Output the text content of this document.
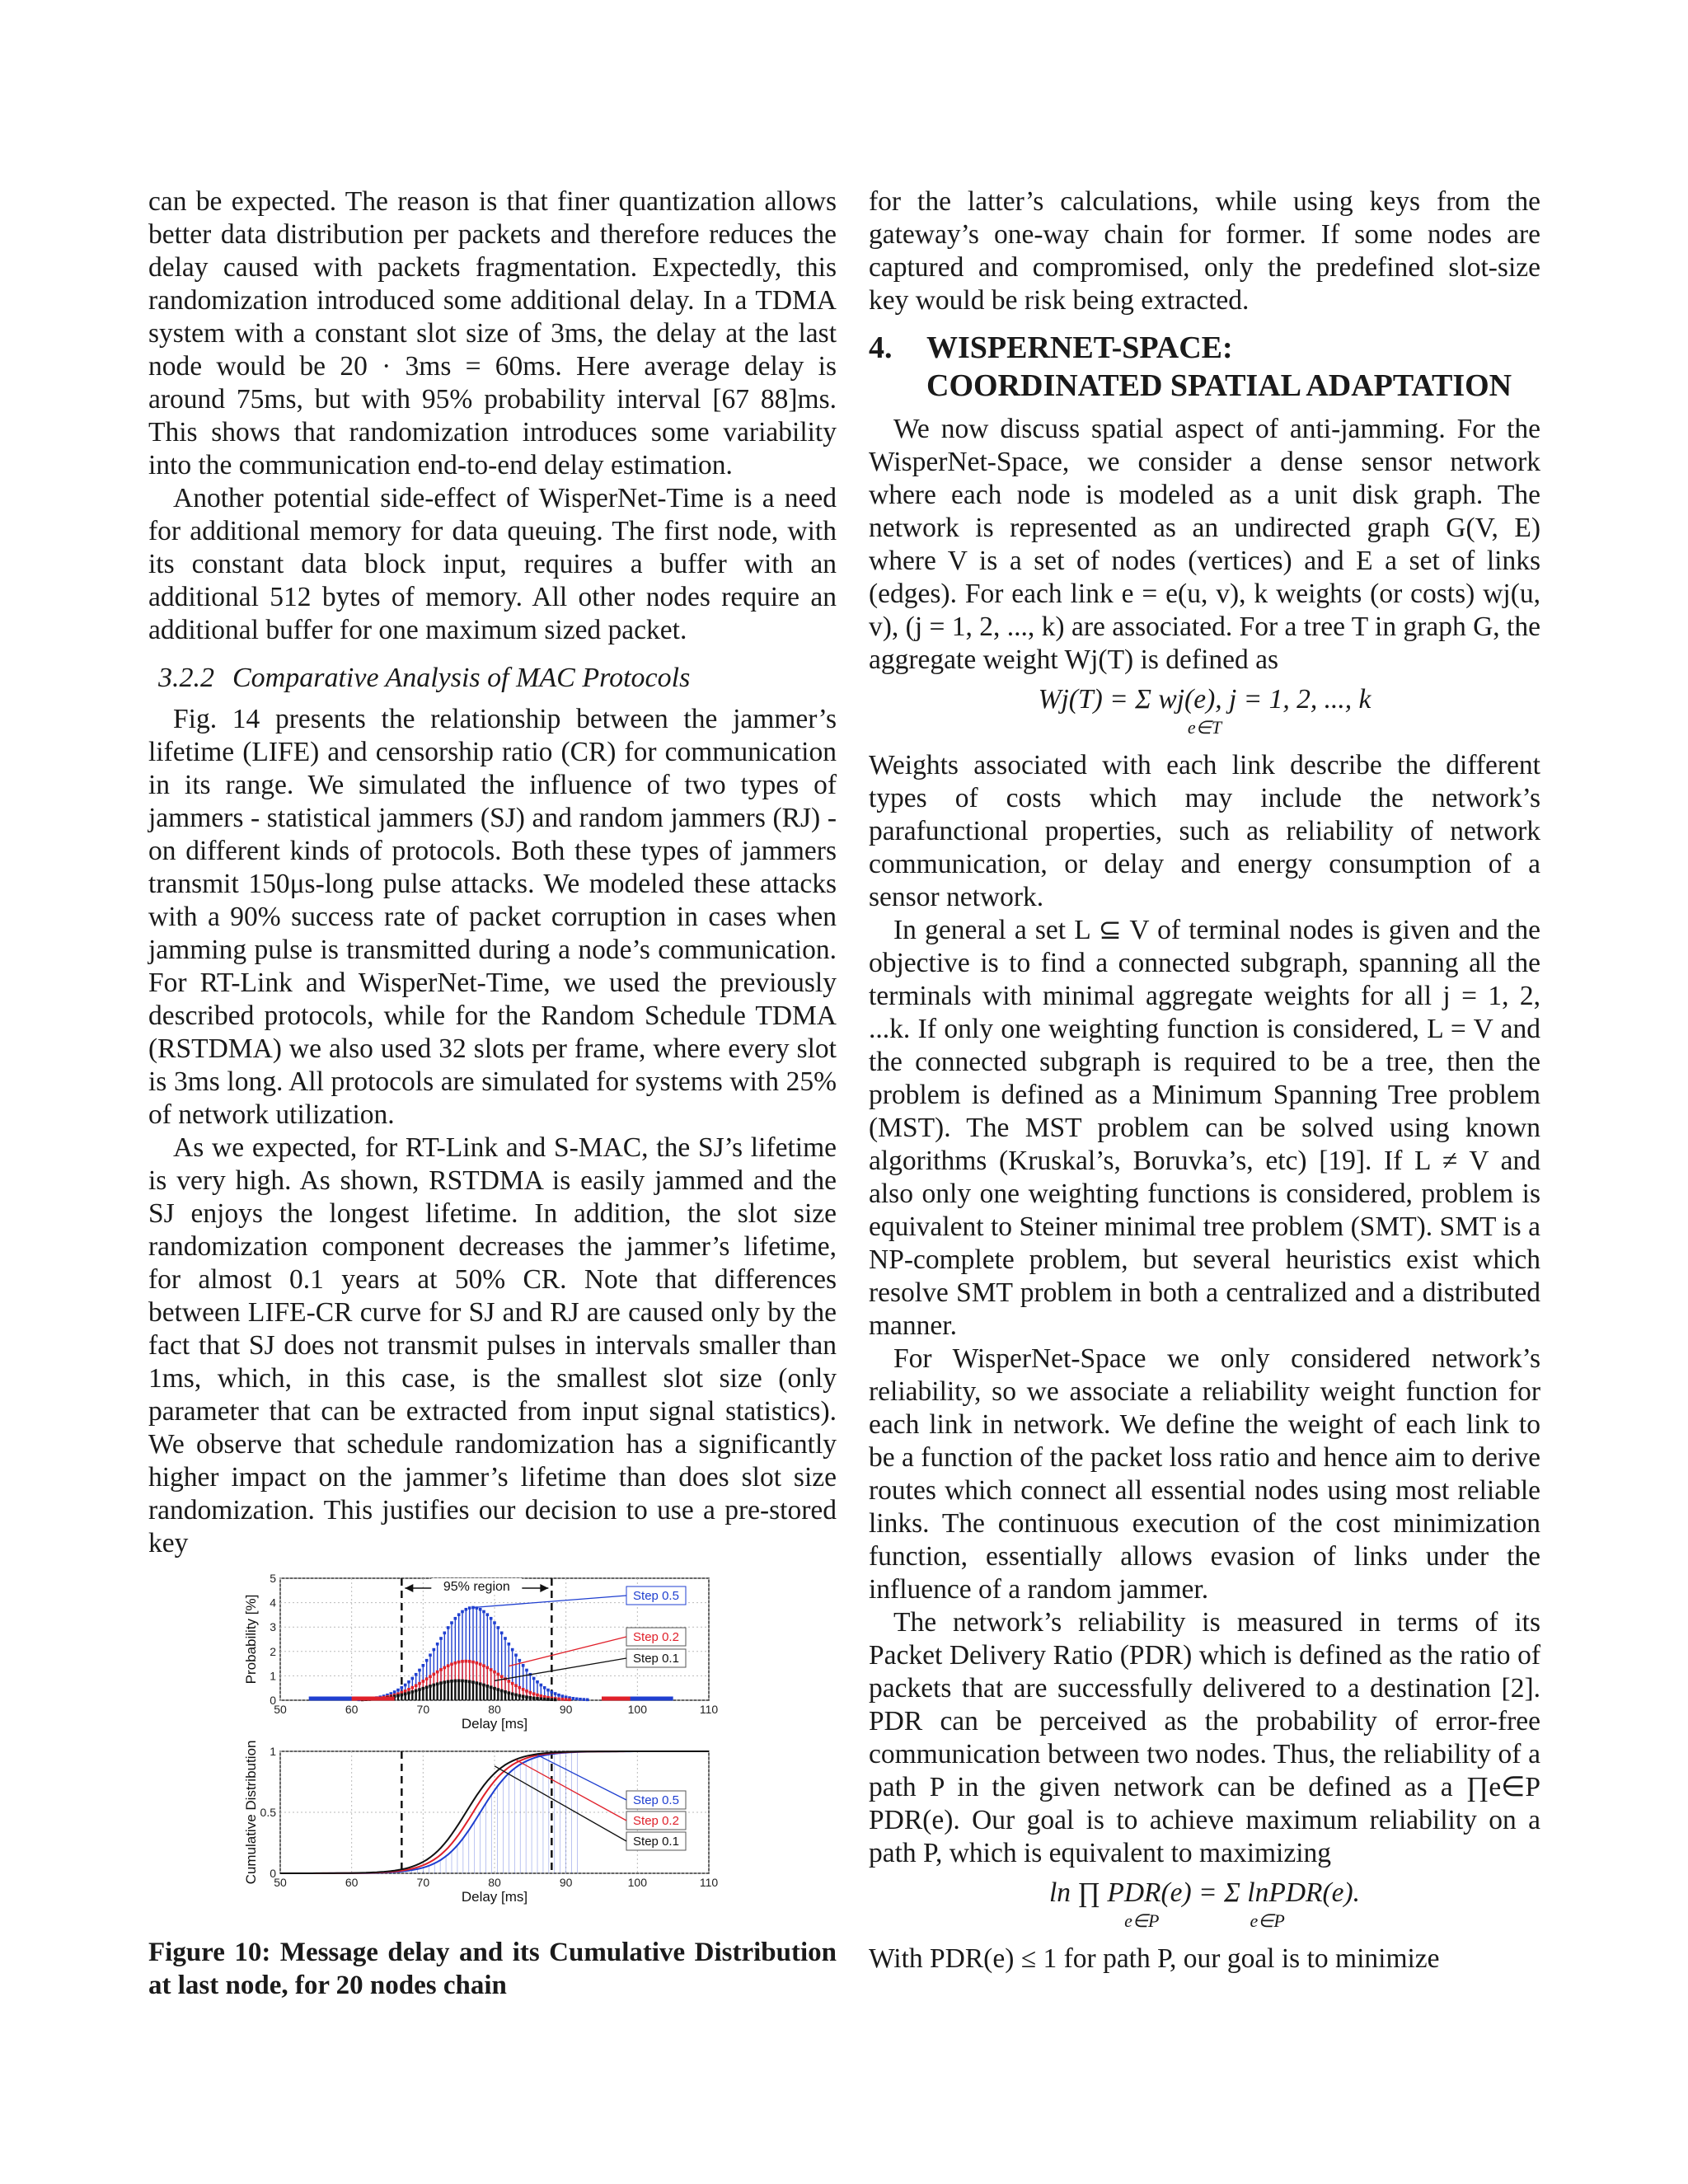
can be expected. The reason is that finer quantization allows better data distribution per packets and therefore reduces the delay caused with packets fragmentation. Expectedly, this randomization introduced some additional delay. In a TDMA system with a constant slot size of 3ms, the delay at the last node would be 20 · 3ms = 60ms. Here average delay is around 75ms, but with 95% probability interval [67 88]ms. This shows that randomization introduces some variability into the communication end-to-end delay estimation.

Another potential side-effect of WisperNet-Time is a need for additional memory for data queuing. The first node, with its constant data block input, requires a buffer with an additional 512 bytes of memory. All other nodes require an additional buffer for one maximum sized packet.

3.2.2 Comparative Analysis of MAC Protocols

Fig. 14 presents the relationship between the jammer’s lifetime (LIFE) and censorship ratio (CR) for communication in its range. We simulated the influence of two types of jammers - statistical jammers (SJ) and random jammers (RJ) - on different kinds of protocols. Both these types of jammers transmit 150μs-long pulse attacks. We modeled these attacks with a 90% success rate of packet corruption in cases when jamming pulse is transmitted during a node’s communication. For RT-Link and WisperNet-Time, we used the previously described protocols, while for the Random Schedule TDMA (RSTDMA) we also used 32 slots per frame, where every slot is 3ms long. All protocols are simulated for systems with 25% of network utilization.

As we expected, for RT-Link and S-MAC, the SJ’s lifetime is very high. As shown, RSTDMA is easily jammed and the SJ enjoys the longest lifetime. In addition, the slot size randomization component decreases the jammer’s lifetime, for almost 0.1 years at 50% CR. Note that differences between LIFE-CR curve for SJ and RJ are caused only by the fact that SJ does not transmit pulses in intervals smaller than 1ms, which, in this case, is the smallest slot size (only parameter that can be extracted from input signal statistics). We observe that schedule randomization has a significantly higher impact on the jammer’s lifetime than does slot size randomization. This justifies our decision to use a pre-stored key

50	60	70	80	90	100	110
0
1
2
3
4
5
Delay [ms]
Probability [%]
95% region
Step 0.5
Step 0.2
Step 0.1
50	60	70	80	90	100	110
0
0.5
1
Delay [ms]
Cumulative Distribution	Step 0.5
Step 0.2
Step 0.1
Figure 10: Message delay and its Cumulative Distribution at last node, for 20 nodes chain

for the latter’s calculations, while using keys from the gateway’s one-way chain for former. If some nodes are captured and compromised, only the predefined slot-size key would be risk being extracted.

4.	WISPERNET-SPACE:
COORDINATED SPATIAL ADAPTATION

We now discuss spatial aspect of anti-jamming. For the WisperNet-Space, we consider a dense sensor network where each node is modeled as a unit disk graph. The network is represented as an undirected graph G(V, E) where V is a set of nodes (vertices) and E a set of links (edges). For each link e = e(u, v), k weights (or costs) wj(u, v), (j = 1, 2, ..., k) are associated. For a tree T in graph G, the aggregate weight Wj(T) is defined as

Wj(T) = Σ wj(e), j = 1, 2, ..., k
e∈T

Weights associated with each link describe the different types of costs which may include the network’s parafunctional properties, such as reliability of network communication, or delay and energy consumption of a sensor network.

In general a set L ⊆ V of terminal nodes is given and the objective is to find a connected subgraph, spanning all the terminals with minimal aggregate weights for all j = 1, 2, ...k. If only one weighting function is considered, L = V and the connected subgraph is required to be a tree, then the problem is defined as a Minimum Spanning Tree problem (MST). The MST problem can be solved using known algorithms (Kruskal’s, Boruvka’s, etc) [19]. If L ≠ V and also only one weighting functions is considered, problem is equivalent to Steiner minimal tree problem (SMT). SMT is a NP-complete problem, but several heuristics exist which resolve SMT problem in both a centralized and a distributed manner.

For WisperNet-Space we only considered network’s reliability, so we associate a reliability weight function for each link in network. We define the weight of each link to be a function of the packet loss ratio and hence aim to derive routes which connect all essential nodes using most reliable links. The continuous execution of the cost minimization function, essentially allows evasion of links under the influence of a random jammer.

The network’s reliability is measured in terms of its Packet Delivery Ratio (PDR) which is defined as the ratio of packets that are successfully delivered to a destination [2]. PDR can be perceived as the probability of error-free communication between two nodes. Thus, the reliability of a path P in the given network can be defined as a ∏e∈P PDR(e). Our goal is to achieve maximum reliability on a path P, which is equivalent to maximizing

ln ∏ PDR(e) = Σ lnPDR(e).
e∈P	e∈P

With PDR(e) ≤ 1 for path P, our goal is to minimize
